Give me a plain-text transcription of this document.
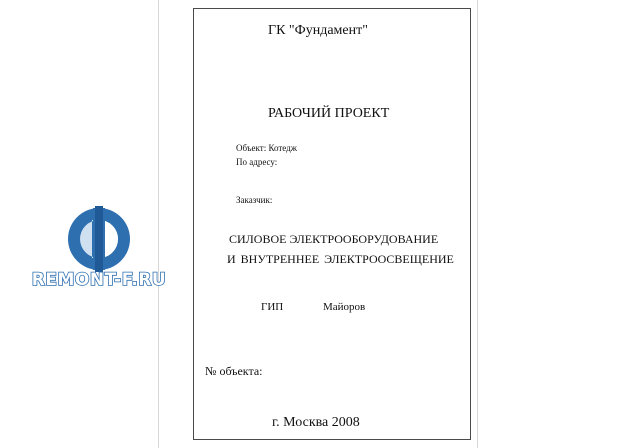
ГК "Фундамент"
РАБОЧИЙ ПРОЕКТ
Объект: Котедж
По адресу:
Заказчик:
СИЛОВОЕ ЭЛЕКТРООБОРУДОВАНИЕ
И ВНУТРЕННЕЕ ЭЛЕКТРООСВЕЩЕНИЕ
ГИП	Майоров
№ объекта:
г. Москва 2008
REMONT-F.RU
